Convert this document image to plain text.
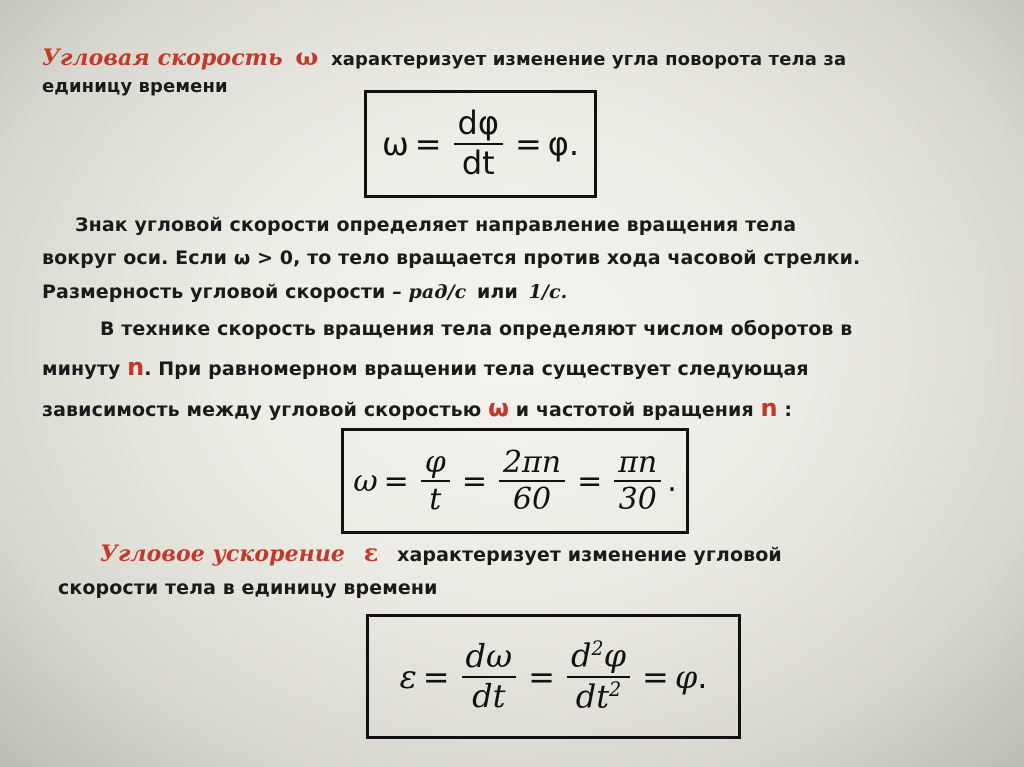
Угловая скорость ω характеризует изменение угла поворота тела за
единицу времени
$\omega = \frac{d\varphi}{dt} = \varphi$.
Знак угловой скорости определяет направление вращения тела
вокруг оси. Если ω > 0, то тело вращается против хода часовой стрелки.
Размерность угловой скорости – рад/с или 1/с.
В технике скорость вращения тела определяют числом оборотов в
минуту n. При равномерном вращении тела существует следующая
зависимость между угловой скоростью ω и частотой вращения n :
$\omega = \frac{\varphi}{t} = \frac{2\pi n}{60} = \frac{\pi n}{30}$ .
Угловое ускорение ε характеризует изменение угловой
скорости тела в единицу времени
$\varepsilon = \frac{d\omega}{dt} = \frac{d^2\varphi}{dt^2} = \varphi$ .
